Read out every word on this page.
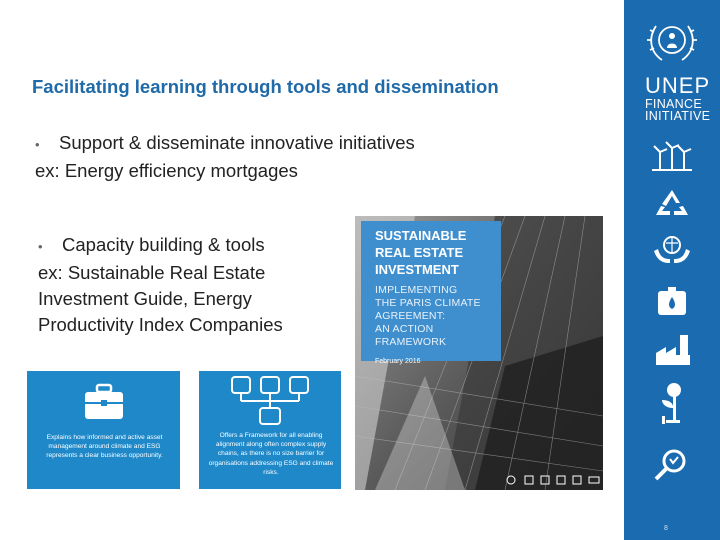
Facilitating learning through tools and dissemination
• Support & disseminate innovative initiatives
ex: Energy efficiency mortgages
• Capacity building & tools
ex: Sustainable Real Estate
Investment Guide, Energy
Productivity Index Companies
SUSTAINABLE
REAL ESTATE
INVESTMENT
IMPLEMENTING
THE PARIS CLIMATE
AGREEMENT:
AN ACTION
FRAMEWORK
February 2016
Explains how informed and active asset management around climate and ESG represents a clear business opportunity.
Offers a Framework for all enabling alignment along often complex supply chains, as there is no size barrier for organisations addressing ESG and climate risks.
UNEP
FINANCE
INITIATIVE
8
